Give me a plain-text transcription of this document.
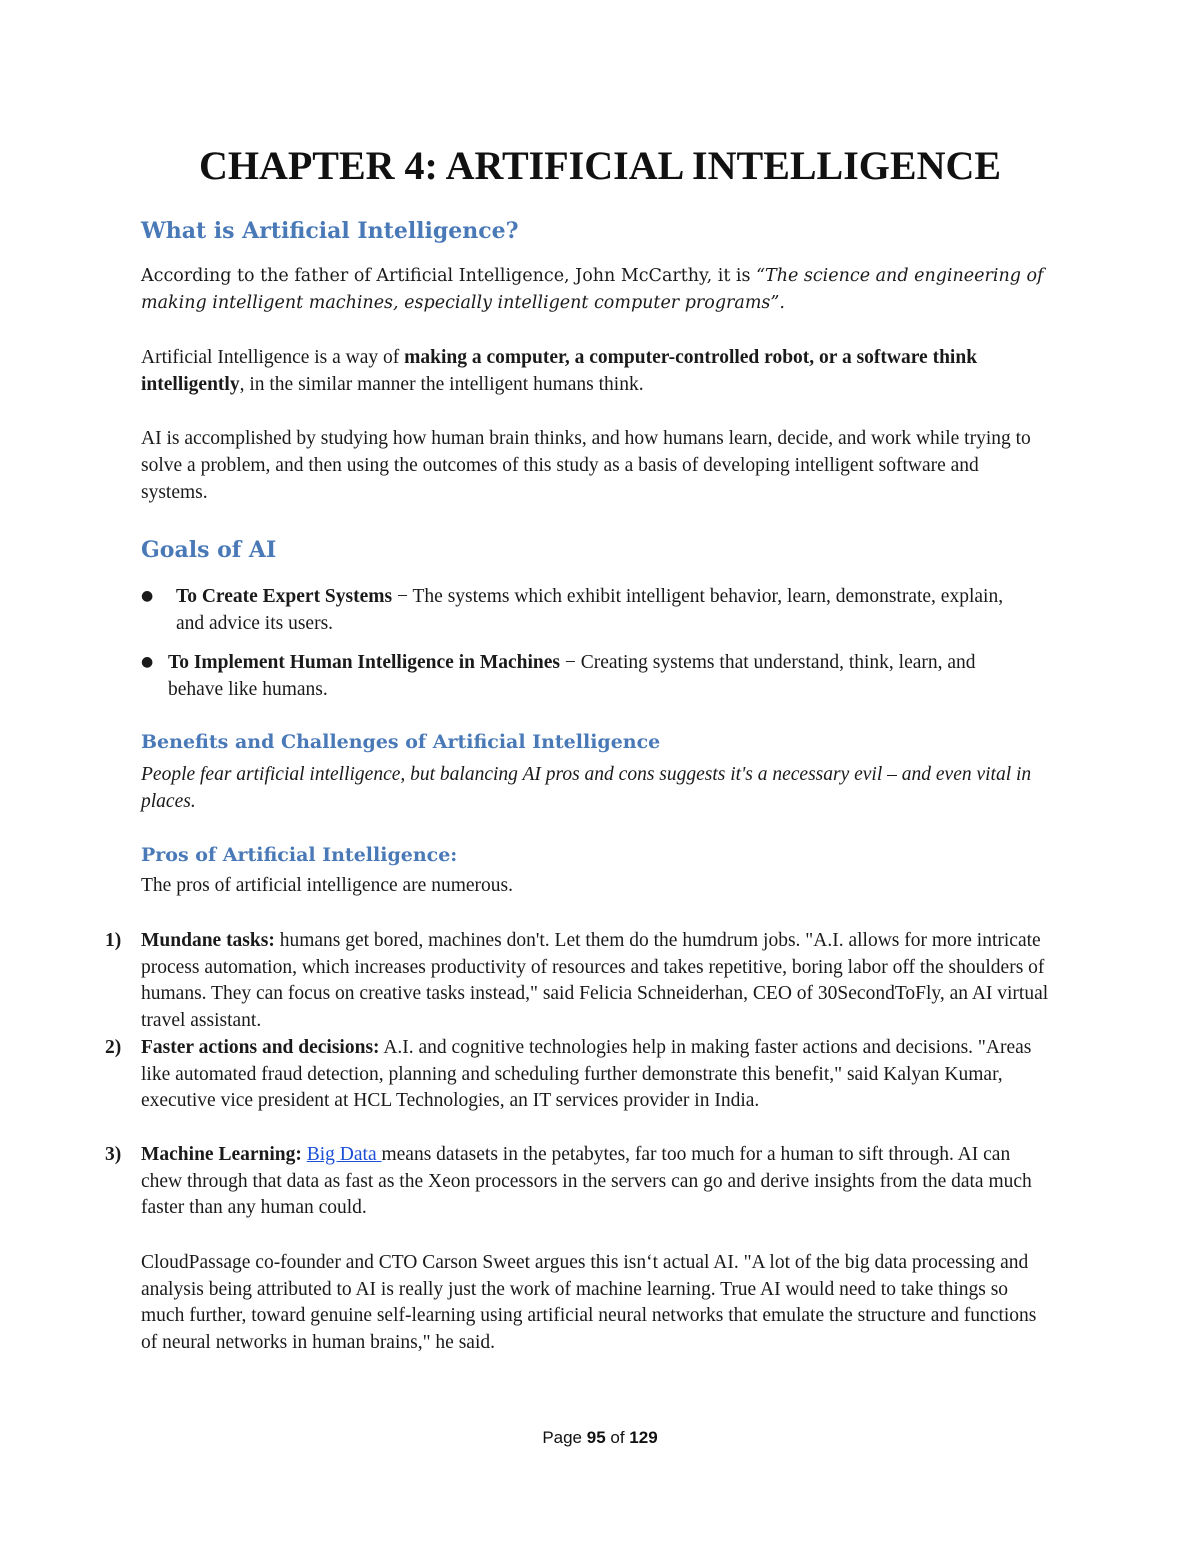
CHAPTER 4: ARTIFICIAL INTELLIGENCE
What is Artificial Intelligence?
According to the father of Artificial Intelligence, John McCarthy, it is “The science and engineering of making intelligent machines, especially intelligent computer programs”.
Artificial Intelligence is a way of making a computer, a computer-controlled robot, or a software think intelligently, in the similar manner the intelligent humans think.
AI is accomplished by studying how human brain thinks, and how humans learn, decide, and work while trying to solve a problem, and then using the outcomes of this study as a basis of developing intelligent software and systems.
Goals of AI
● To Create Expert Systems − The systems which exhibit intelligent behavior, learn, demonstrate, explain, and advice its users.
● To Implement Human Intelligence in Machines − Creating systems that understand, think, learn, and behave like humans.
Benefits and Challenges of Artificial Intelligence
People fear artificial intelligence, but balancing AI pros and cons suggests it's a necessary evil – and even vital in places.
Pros of Artificial Intelligence:
The pros of artificial intelligence are numerous.
1) Mundane tasks: humans get bored, machines don't. Let them do the humdrum jobs. "A.I. allows for more intricate process automation, which increases productivity of resources and takes repetitive, boring labor off the shoulders of humans. They can focus on creative tasks instead," said Felicia Schneiderhan, CEO of 30SecondToFly, an AI virtual travel assistant.
2) Faster actions and decisions: A.I. and cognitive technologies help in making faster actions and decisions. "Areas like automated fraud detection, planning and scheduling further demonstrate this benefit," said Kalyan Kumar, executive vice president at HCL Technologies, an IT services provider in India.
3) Machine Learning: Big Data means datasets in the petabytes, far too much for a human to sift through. AI can chew through that data as fast as the Xeon processors in the servers can go and derive insights from the data much faster than any human could.
CloudPassage co-founder and CTO Carson Sweet argues this isn‘t actual AI. "A lot of the big data processing and analysis being attributed to AI is really just the work of machine learning. True AI would need to take things so much further, toward genuine self-learning using artificial neural networks that emulate the structure and functions of neural networks in human brains," he said.
Page 95 of 129
